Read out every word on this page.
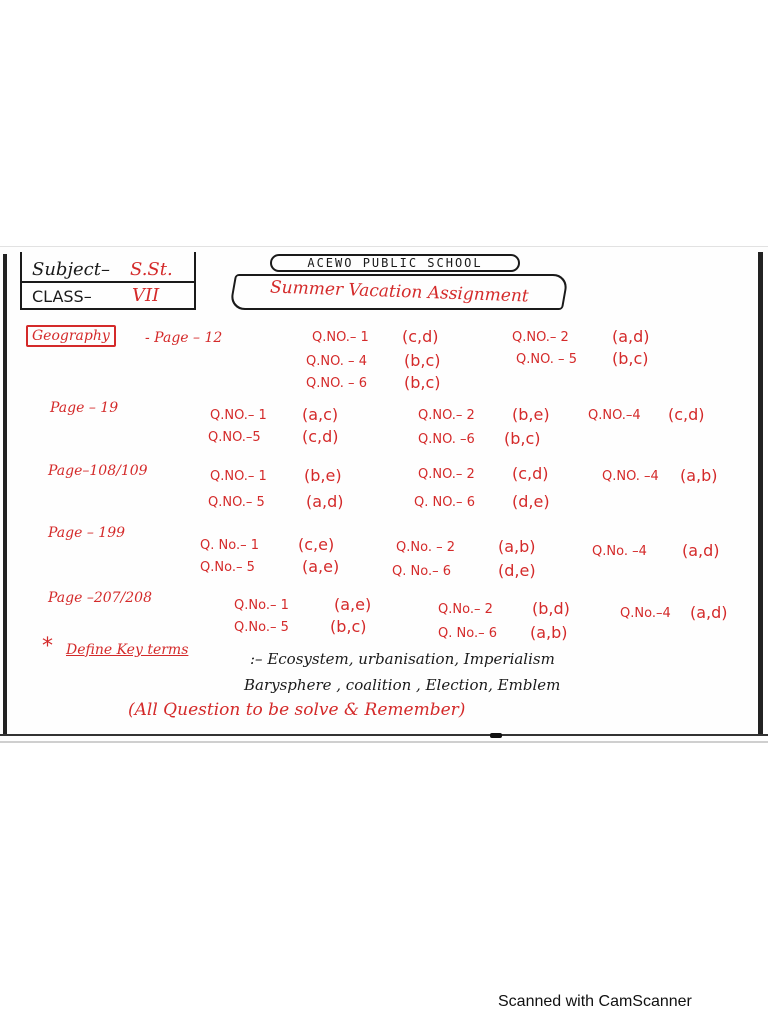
Subject– S.St.
CLASS– VII
ACEWO PUBLIC SCHOOL
Summer Vacation Assignment
Geography	- Page – 12	Q.NO.– 1 (c,d)	Q.NO.– 2	(a,d)
Q.NO. – 4 (b,c)	Q.NO. – 5 (b,c)
Q.NO. – 6 (b,c)
Page – 19	Q.NO.– 1 (a,c)	Q.NO.– 2 (b,e)	Q.NO.–4 (c,d)
Q.NO.–5	(c,d)	Q.NO. –6 (b,c)
Page–108/109	Q.NO.– 1 (b,e)	Q.NO.– 2 (c,d)	Q.NO. –4 (a,b)
Q.NO.– 5	(a,d)	Q. NO.– 6 (d,e)
Page – 199
Q. No.– 1 (c,e)	Q.No. – 2	(a,b)	Q.No. –4 (a,d)
Q.No.– 5	(a,e)	Q. No.– 6	(d,e)
Page –207/208	Q.No.– 1	(a,e)	Q.No.– 2 (b,d)	Q.No.–4 (a,d)
Q.No.– 5	(b,c)	Q. No.– 6 (a,b)
* Define Key terms	:– Ecosystem, urbanisation, Imperialism
Barysphere , coalition , Election, Emblem
(All Question to be solve & Remember)
Scanned with CamScanner
